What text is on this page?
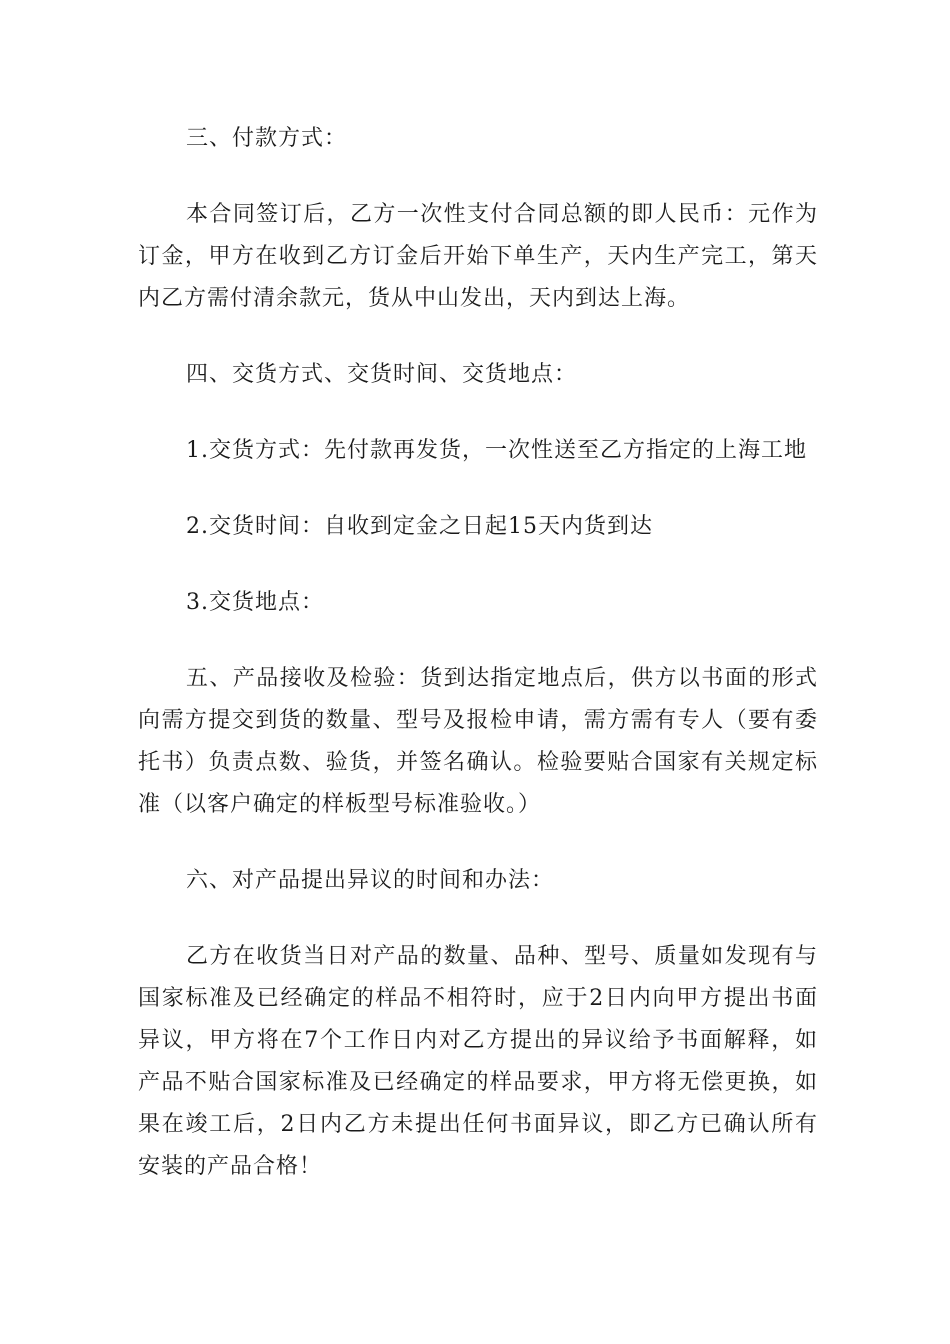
三、付款方式：

本合同签订后，乙方一次性支付合同总额的即人民币：元作为订金，甲方在收到乙方订金后开始下单生产，天内生产完工，第天内乙方需付清余款元，货从中山发出，天内到达上海。

四、交货方式、交货时间、交货地点：

1.交货方式：先付款再发货，一次性送至乙方指定的上海工地

2.交货时间：自收到定金之日起15天内货到达

3.交货地点：

五、产品接收及检验：货到达指定地点后，供方以书面的形式向需方提交到货的数量、型号及报检申请，需方需有专人（要有委托书）负责点数、验货，并签名确认。检验要贴合国家有关规定标准（以客户确定的样板型号标准验收。）

六、对产品提出异议的时间和办法：

乙方在收货当日对产品的数量、品种、型号、质量如发现有与国家标准及已经确定的样品不相符时，应于2日内向甲方提出书面异议，甲方将在7个工作日内对乙方提出的异议给予书面解释，如产品不贴合国家标准及已经确定的样品要求，甲方将无偿更换，如果在竣工后，2日内乙方未提出任何书面异议，即乙方已确认所有安装的产品合格！
